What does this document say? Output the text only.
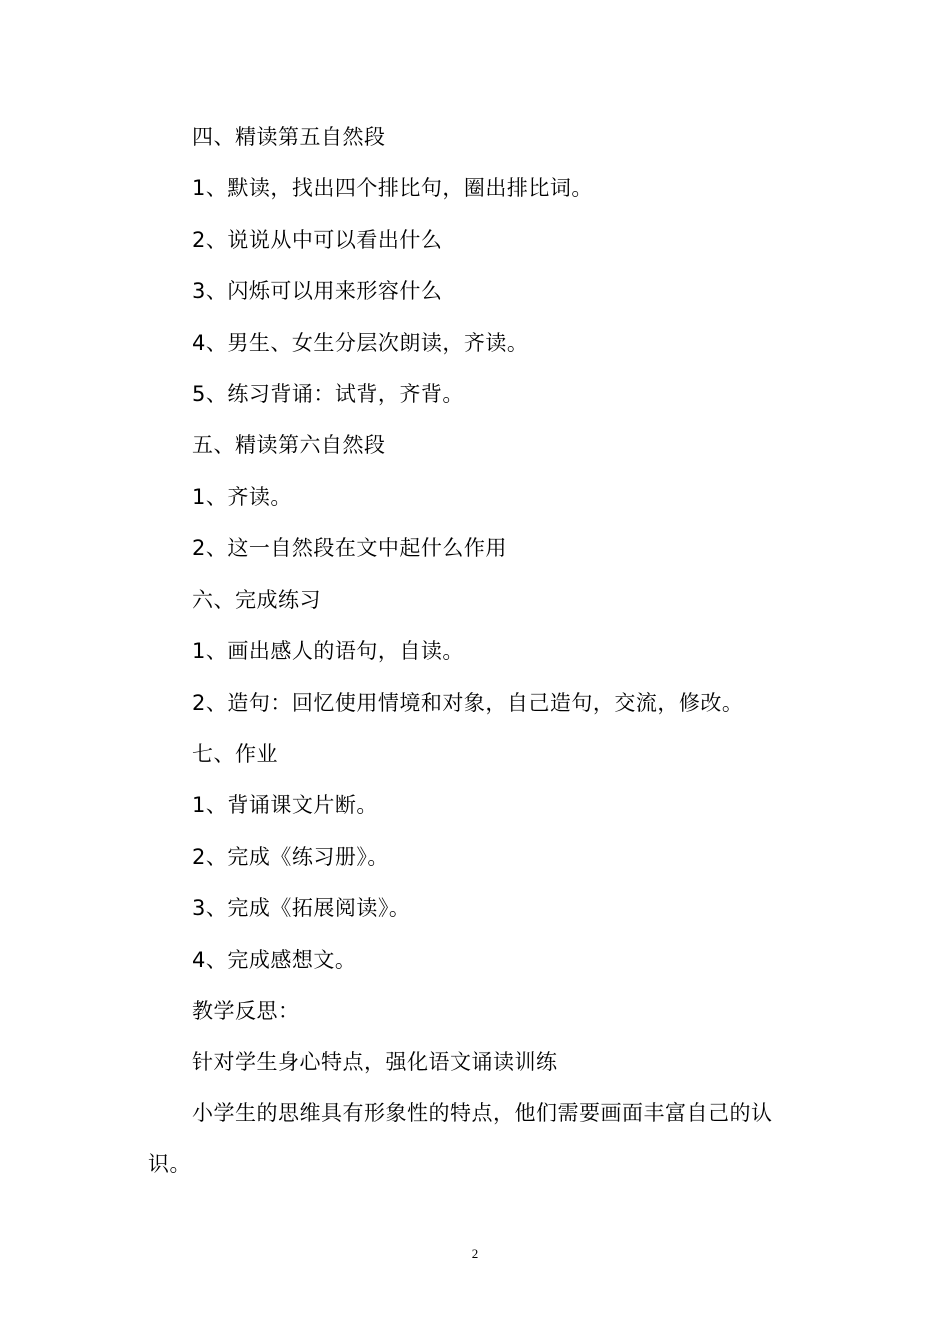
四、精读第五自然段
1、默读，找出四个排比句，圈出排比词。
2、说说从中可以看出什么
3、闪烁可以用来形容什么
4、男生、女生分层次朗读，齐读。
5、练习背诵：试背，齐背。
五、精读第六自然段
1、齐读。
2、这一自然段在文中起什么作用
六、完成练习
1、画出感人的语句，自读。
2、造句：回忆使用情境和对象，自己造句，交流，修改。
七、作业
1、背诵课文片断。
2、完成《练习册》。
3、完成《拓展阅读》。
4、完成感想文。
教学反思：
针对学生身心特点，强化语文诵读训练
小学生的思维具有形象性的特点，他们需要画面丰富自己的认
识。
2
